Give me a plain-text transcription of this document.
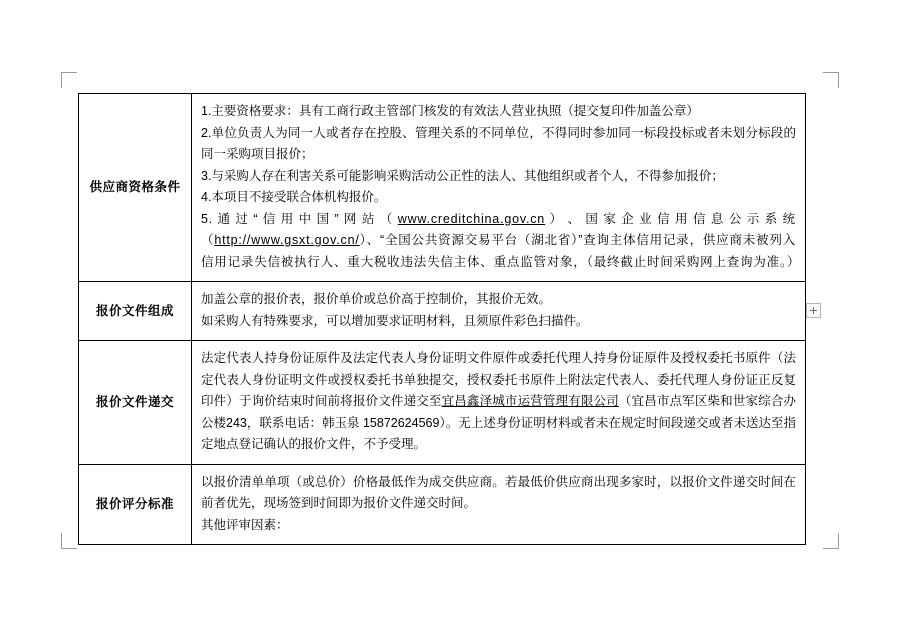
供应商资格条件	1.主要资格要求：具有工商行政主管部门核发的有效法人营业执照（提交复印件加盖公章）

2.单位负责人为同一人或者存在控股、管理关系的不同单位，不得同时参加同一标段投标或者未划分标段的同一采购项目报价；

3.与采购人存在利害关系可能影响采购活动公正性的法人、其他组织或者个人，不得参加报价；

4.本项目不接受联合体机构报价。

5. 通 过 “ 信 用 中 国 ” 网 站 （ www.creditchina.gov.cn ） 、 国 家 企 业 信 用 信 息 公 示 系 统 （http://www.gsxt.gov.cn/）、“全国公共资源交易平台（湖北省）”查询主体信用记录，供应商未被列入信用记录失信被执行人、重大税收违法失信主体、重点监管对象，（最终截止时间采购网上查询为准。）

报价文件组成	加盖公章的报价表，报价单价或总价高于控制价，其报价无效。

如采购人有特殊要求，可以增加要求证明材料，且须原件彩色扫描件。

报价文件递交	法定代表人持身份证原件及法定代表人身份证明文件原件或委托代理人持身份证原件及授权委托书原件（法定代表人身份证明文件或授权委托书单独提交，授权委托书原件上附法定代表人、委托代理人身份证正反复印件）于询价结束时间前将报价文件递交至宜昌鑫泽城市运营管理有限公司（宜昌市点军区柴和世家综合办公楼243，联系电话：韩玉泉 15872624569）。无上述身份证明材料或者未在规定时间段递交或者未送达至指定地点登记确认的报价文件，不予受理。

报价评分标准	以报价清单单项（或总价）价格最低作为成交供应商。若最低价供应商出现多家时，以报价文件递交时间在前者优先，现场签到时间即为报价文件递交时间。

其他评审因素：
